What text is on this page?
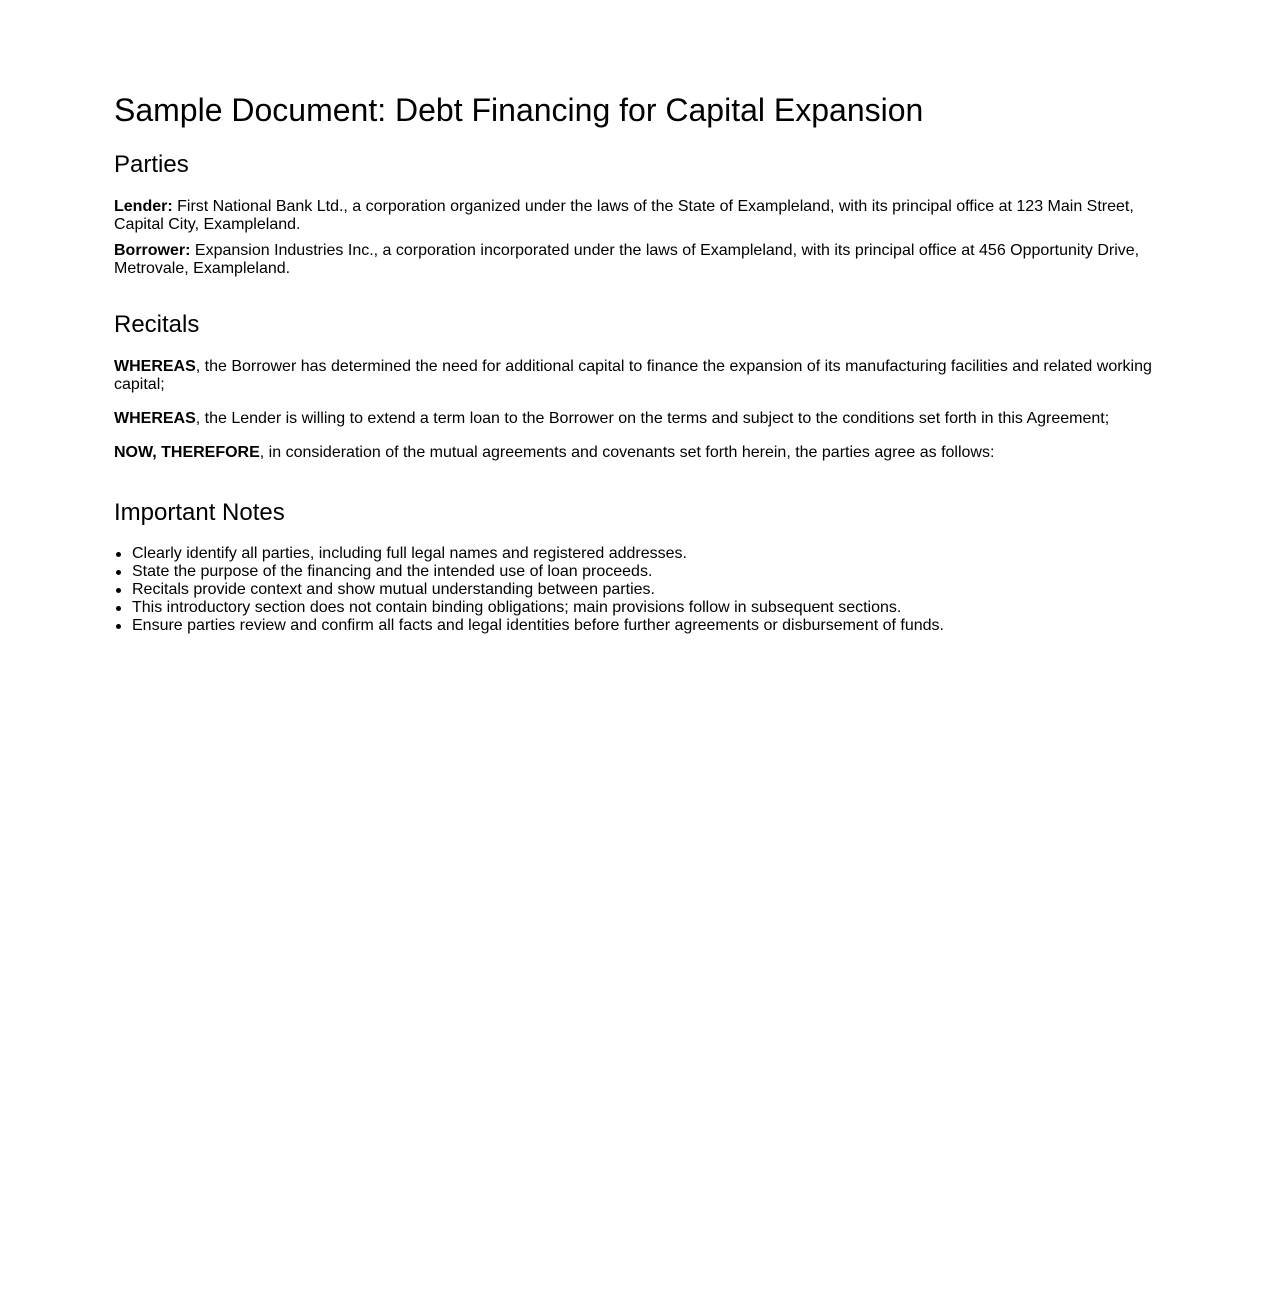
Sample Document: Debt Financing for Capital Expansion
Parties

Lender: First National Bank Ltd., a corporation organized under the laws of the State of Exampleland, with its principal office at 123 Main Street, Capital City, Exampleland.

Borrower: Expansion Industries Inc., a corporation incorporated under the laws of Exampleland, with its principal office at 456 Opportunity Drive, Metrovale, Exampleland.

Recitals

WHEREAS, the Borrower has determined the need for additional capital to finance the expansion of its manufacturing facilities and related working capital;

WHEREAS, the Lender is willing to extend a term loan to the Borrower on the terms and subject to the conditions set forth in this Agreement;

NOW, THEREFORE, in consideration of the mutual agreements and covenants set forth herein, the parties agree as follows:

Important Notes
Clearly identify all parties, including full legal names and registered addresses.
State the purpose of the financing and the intended use of loan proceeds.
Recitals provide context and show mutual understanding between parties.
This introductory section does not contain binding obligations; main provisions follow in subsequent sections.
Ensure parties review and confirm all facts and legal identities before further agreements or disbursement of funds.
